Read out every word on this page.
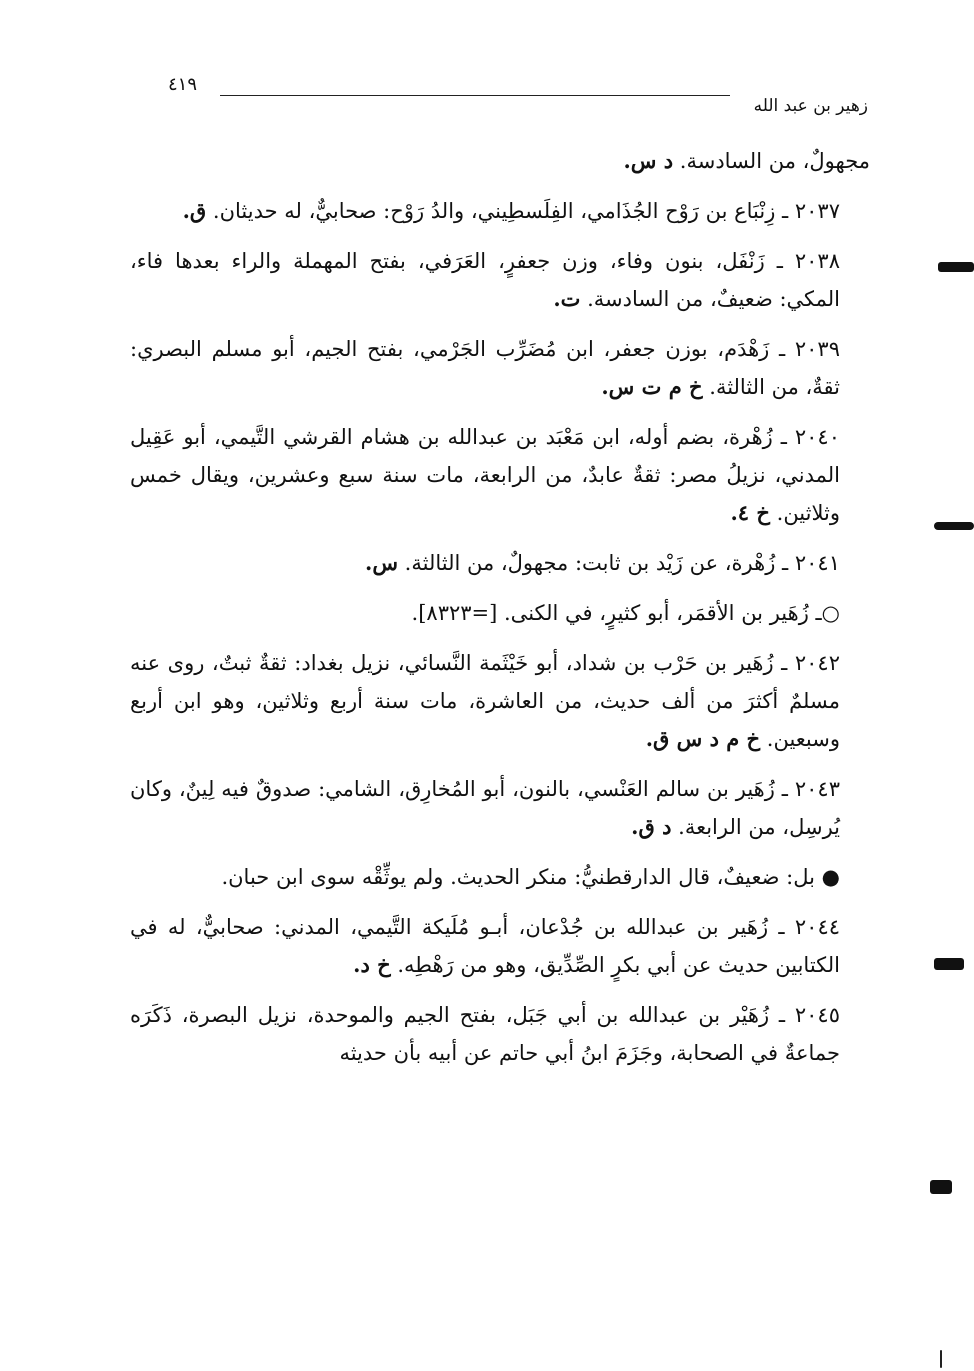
٤١٩
زهير بن عبد الله

مجهولٌ، من السادسة. د س.

٢٠٣٧ ـ زِنْبَاع بن رَوْح الجُذَامي، الفِلَسطِيني، والدُ رَوْح: صحابيٌّ، له حديثان. ق.

٢٠٣٨ ـ زَنْفَل، بنون وفاء، وزن جعفرٍ، العَرَفي، بفتح المهملة والراء بعدها فاء، المكي: ضعيفٌ، من السادسة. ت.

٢٠٣٩ ـ زَهْدَم، بوزن جعفر، ابن مُضَرِّب الجَرْمي، بفتح الجيم، أبو مسلم البصري: ثقةٌ، من الثالثة. خ م ت س.

٢٠٤٠ ـ زُهْرة، بضم أوله، ابن مَعْبَد بن عبدالله بن هشام القرشي التَّيمي، أبو عَقِيل المدني، نزيلُ مصر: ثقةٌ عابدٌ، من الرابعة، مات سنة سبع وعشرين، ويقال خمس وثلاثين. خ ٤.

٢٠٤١ ـ زُهْرة، عن زَيْد بن ثابت: مجهولٌ، من الثالثة. س.

○ـ زُهَير بن الأقمَر، أبو كثيرٍ، في الكنى. [=٨٣٢٣].

٢٠٤٢ ـ زُهَير بن حَرْب بن شداد، أبو خَيْثَمة النَّسائي، نزيل بغداد: ثقةٌ ثبتٌ، روى عنه مسلمٌ أكثرَ من ألف حديث، من العاشرة، مات سنة أربع وثلاثين، وهو ابن أربع وسبعين. خ م د س ق.

٢٠٤٣ ـ زُهَير بن سالم العَنْسي، بالنون، أبو المُخارِق، الشامي: صدوقٌ فيه لِينٌ، وكان يُرسِل، من الرابعة. د ق.

● بل: ضعيفٌ، قال الدارقطنيُّ: منكر الحديث. ولم يوثِّقْه سوى ابن حبان.

٢٠٤٤ ـ زُهَير بن عبدالله بن جُدْعان، أبـو مُلَيكة التَّيمي، المدني: صحابيٌّ، له في الكتابين حديث عن أبي بكرٍ الصِّدِّيق، وهو من رَهْطِه. خ د.

٢٠٤٥ ـ زُهَيْر بن عبدالله بن أبي جَبَل، بفتح الجيم والموحدة، نزيل البصرة، ذَكَرَه جماعةٌ في الصحابة، وجَزَمَ ابنُ أبي حاتم عن أبيه بأن حديثه
